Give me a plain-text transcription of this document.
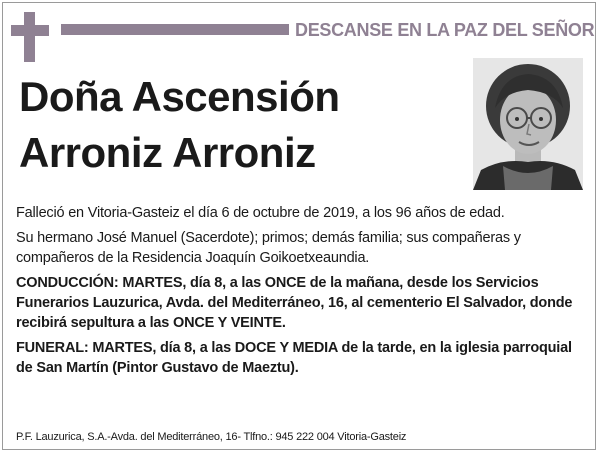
DESCANSE EN LA PAZ DEL SEÑOR
Doña Ascensión
Arroniz Arroniz

Falleció en Vitoria-Gasteiz el día 6 de octubre de 2019, a los 96 años de edad.

Su hermano José Manuel (Sacerdote); primos; demás familia; sus compañeras y compañeros de la Residencia Joaquín Goikoetxeaundia.

CONDUCCIÓN: MARTES, día 8, a las ONCE de la mañana, desde los Servicios Funerarios Lauzurica, Avda. del Mediterráneo, 16, al cementerio El Salvador, donde recibirá sepultura a las ONCE Y VEINTE.

FUNERAL: MARTES, día 8, a las DOCE Y MEDIA de la tarde, en la iglesia parroquial de San Martín (Pintor Gustavo de Maeztu).

P.F. Lauzurica, S.A.-Avda. del Mediterráneo, 16- Tlfno.: 945 222 004 Vitoria-Gasteiz
